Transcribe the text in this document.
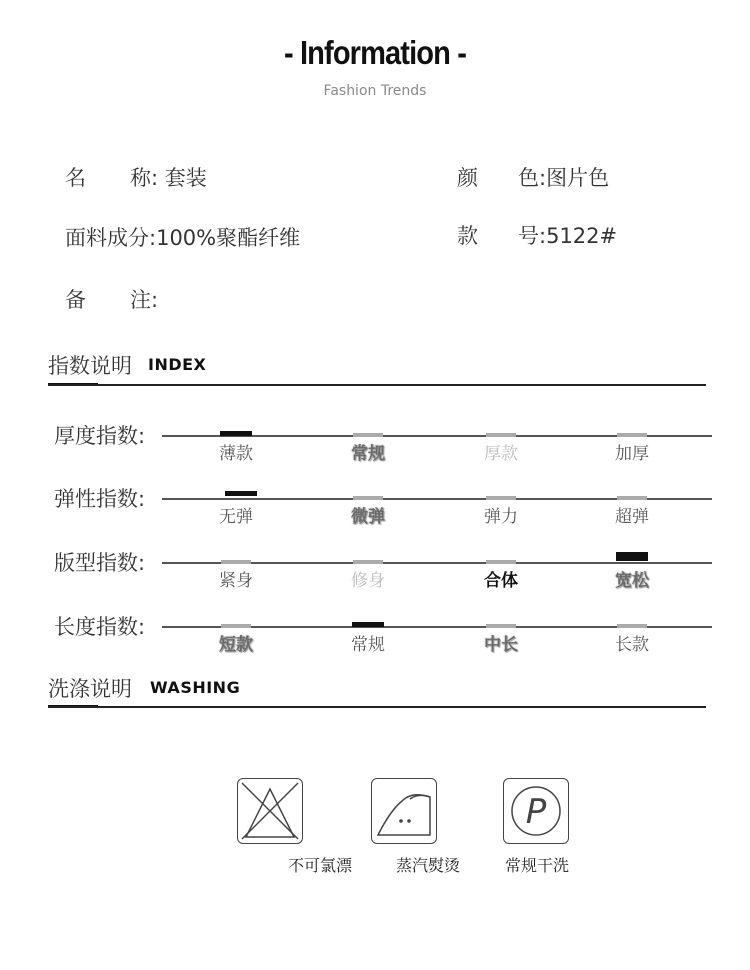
- Information -
Fashion Trends
名 称: 套装	颜 色:图片色
面料成分:100%聚酯纤维	款 号:5122#
备 注:
指数说明 INDEX
厚度指数:
薄款	常规	厚款	加厚
弹性指数:
无弹	微弹	弹力	超弹
版型指数:
紧身	修身	合体	宽松
长度指数:
短款	常规	中长	长款
洗涤说明 WASHING
P
不可氯漂	蒸汽熨烫	常规干洗
